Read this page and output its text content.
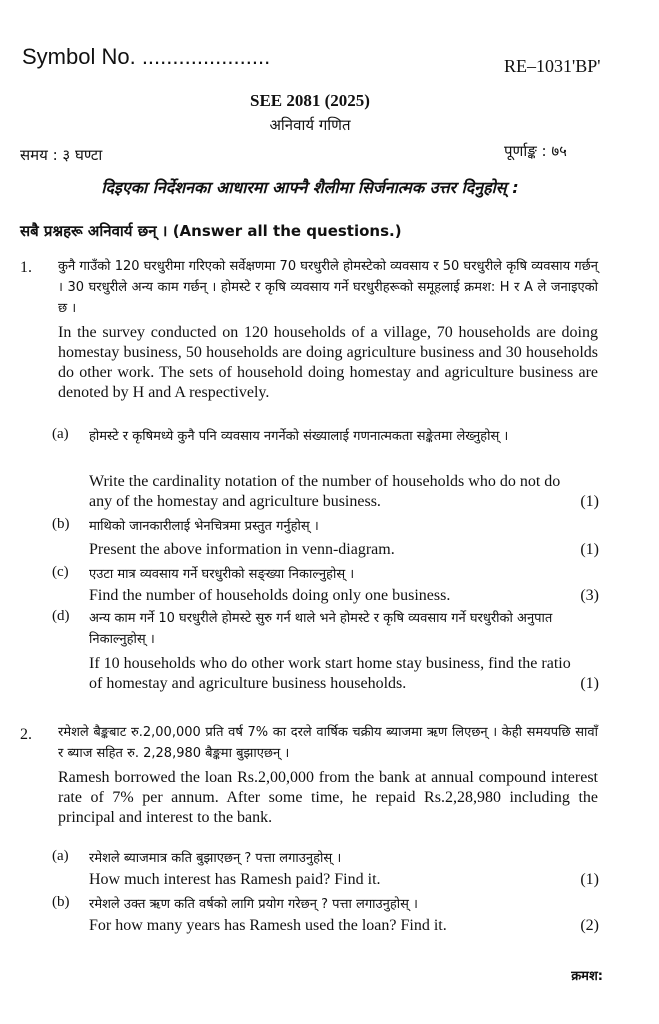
Symbol No. .....................	RE–1031'BP'
SEE 2081 (2025)
अनिवार्य गणित
समय : ३ घण्टा	पूर्णाङ्क : ७५
दिइएका निर्देशनका आधारमा आफ्नै शैलीमा सिर्जनात्मक उत्तर दिनुहोस् :
सबै प्रश्नहरू अनिवार्य छन् । (Answer all the questions.)
1. कुनै गाउँको 120 घरधुरीमा गरिएको सर्वेक्षणमा 70 घरधुरीले होमस्टेको व्यवसाय र 50 घरधुरीले कृषि व्यवसाय गर्छन् । 30 घरधुरीले अन्य काम गर्छन् । होमस्टे र कृषि व्यवसाय गर्ने घरधुरीहरूको समूहलाई क्रमश: H र A ले जनाइएको छ ।
In the survey conducted on 120 households of a village, 70 households are doing homestay business, 50 households are doing agriculture business and 30 households do other work. The sets of household doing homestay and agriculture business are denoted by H and A respectively.
(a) होमस्टे र कृषिमध्ये कुनै पनि व्यवसाय नगर्नेको संख्यालाई गणनात्मकता सङ्केतमा लेख्नुहोस् ।
(1)
Write the cardinality notation of the number of households who do not do any of the homestay and agriculture business.
(b) माथिको जानकारीलाई भेनचित्रमा प्रस्तुत गर्नुहोस् ।
(1)
Present the above information in venn-diagram.
(c) एउटा मात्र व्यवसाय गर्ने घरधुरीको सङ्ख्या निकाल्नुहोस् ।
(3)
Find the number of households doing only one business.
(d) अन्य काम गर्ने 10 घरधुरीले होमस्टे सुरु गर्न थाले भने होमस्टे र कृषि व्यवसाय गर्ने घरधुरीको अनुपात निकाल्नुहोस् ।
(1)
If 10 households who do other work start home stay business, find the ratio of homestay and agriculture business households.
2. रमेशले बैङ्कबाट रु.2,00,000 प्रति वर्ष 7% का दरले वार्षिक चक्रीय ब्याजमा ऋण लिएछन् । केही समयपछि सावाँ र ब्याज सहित रु. 2,28,980 बैङ्कमा बुझाएछन् ।
Ramesh borrowed the loan Rs.2,00,000 from the bank at annual compound interest rate of 7% per annum. After some time, he repaid Rs.2,28,980 including the principal and interest to the bank.
(a) रमेशले ब्याजमात्र कति बुझाएछन् ? पत्ता लगाउनुहोस् ।
(1)
How much interest has Ramesh paid? Find it.
(b) रमेशले उक्त ऋण कति वर्षको लागि प्रयोग गरेछन् ? पत्ता लगाउनुहोस् ।
(2)
For how many years has Ramesh used the loan? Find it.
क्रमश:
